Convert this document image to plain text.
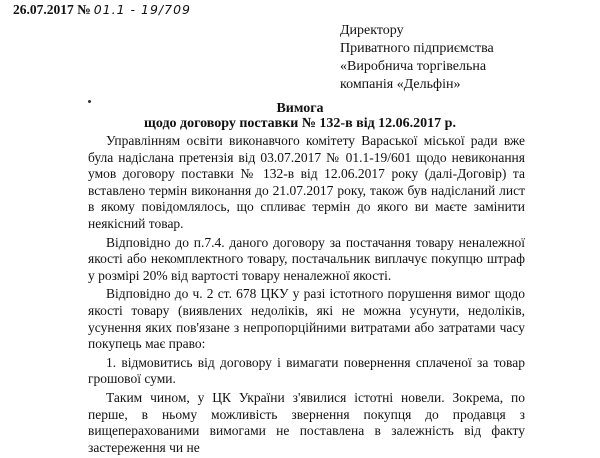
26.07.2017 № 01.1 - 19/709
Директору
Приватного підприємства
«Виробнича торгівельна
компанія «Дельфін»
Вимога
щодо договору поставки № 132-в від 12.06.2017 р.

Управлінням освіти виконавчого комітету Вараської міської ради вже була надіслана претензія від 03.07.2017 № 01.1-19/601 щодо невиконання умов договору поставки № 132-в від 12.06.2017 року (далі-Договір) та вставлено термін виконання до 21.07.2017 року, також був надісланий лист в якому повідомлялось, що спливає термін до якого ви маєте замінити неякісний товар.

Відповідно до п.7.4. даного договору за постачання товару неналежної якості або некомплектного товару, постачальник виплачує покупцю штраф у розмірі 20% від вартості товару неналежної якості.

Відповідно до ч. 2 ст. 678 ЦКУ у разі істотного порушення вимог щодо якості товару (виявлених недоліків, які не можна усунути, недоліків, усунення яких пов'язане з непропорційними витратами або затратами часу покупець має право:

1. відмовитись від договору і вимагати повернення сплаченої за товар грошової суми.

Таким чином, у ЦК України з'явилися істотні новели. Зокрема, по перше, в ньому можливість звернення покупця до продавця з вищеперахованими вимогами не поставлена в залежність від факту застереження чи не
